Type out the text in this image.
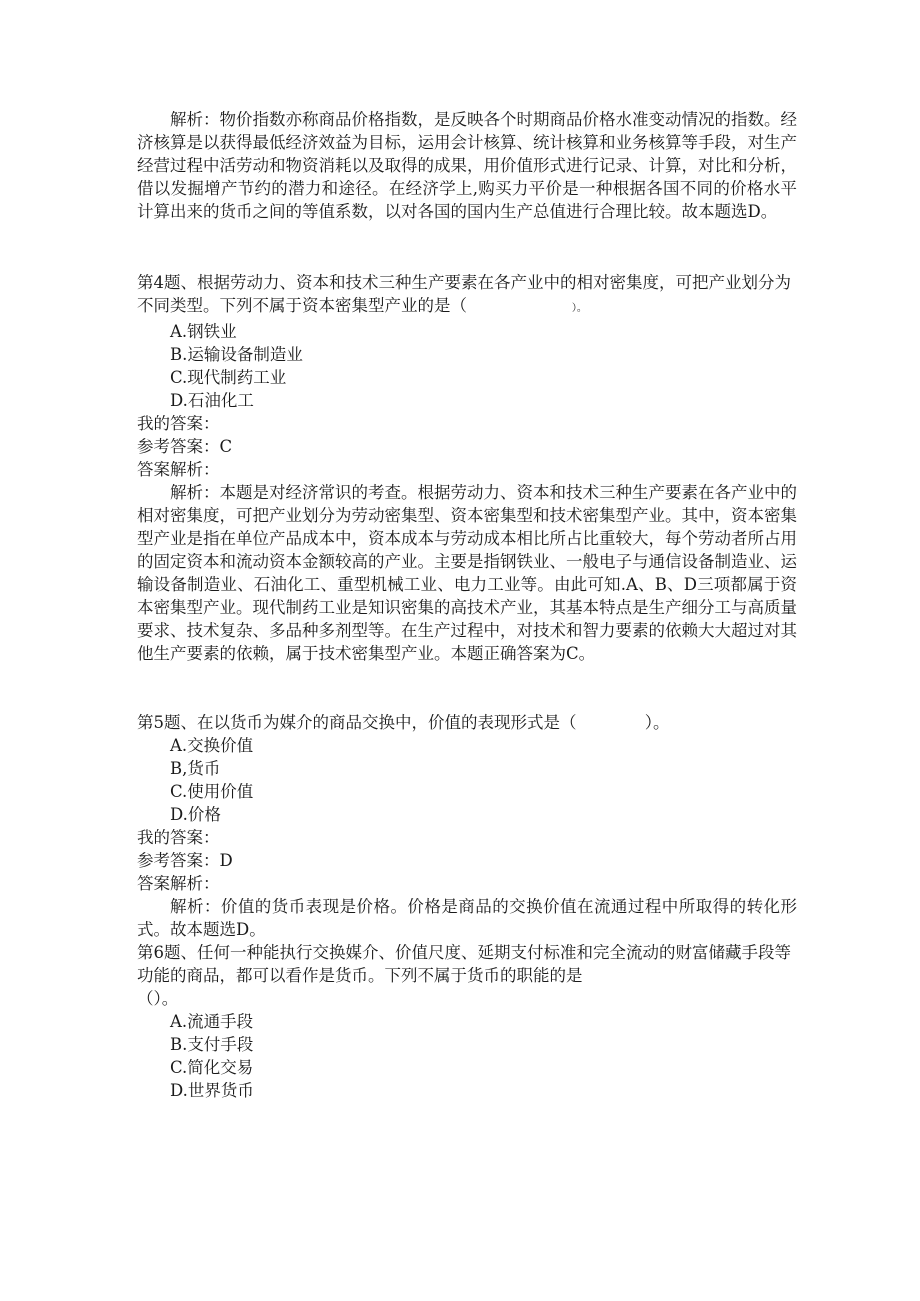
解析：物价指数亦称商品价格指数，是反映各个时期商品价格水准变动情况的指数。经济核算是以获得最低经济效益为目标，运用会计核算、统计核算和业务核算等手段，对生产经营过程中活劳动和物资消耗以及取得的成果，用价值形式进行记录、计算，对比和分析，借以发掘增产节约的潜力和途径。在经济学上,购买力平价是一种根据各国不同的价格水平计算出来的货币之间的等值系数，以对各国的国内生产总值进行合理比较。故本题选D。

第4题、根据劳动力、资本和技术三种生产要素在各产业中的相对密集度，可把产业划分为不同类型。下列不属于资本密集型产业的是（	）。

A.钢铁业

B.运输设备制造业

C.现代制药工业

D.石油化工

我的答案：

参考答案：C

答案解析：

解析：本题是对经济常识的考查。根据劳动力、资本和技术三种生产要素在各产业中的相对密集度，可把产业划分为劳动密集型、资本密集型和技术密集型产业。其中，资本密集型产业是指在单位产品成本中，资本成本与劳动成本相比所占比重较大，每个劳动者所占用的固定资本和流动资本金额较高的产业。主要是指钢铁业、一般电子与通信设备制造业、运输设备制造业、石油化工、重型机械工业、电力工业等。由此可知.A、B、D三项都属于资本密集型产业。现代制药工业是知识密集的高技术产业，其基本特点是生产细分工与高质量要求、技术复杂、多品种多剂型等。在生产过程中，对技术和智力要素的依赖大大超过对其他生产要素的依赖，属于技术密集型产业。本题正确答案为C。

第5题、在以货币为媒介的商品交换中，价值的表现形式是（	）。

A.交换价值

B,货币

C.使用价值

D.价格

我的答案：

参考答案：D

答案解析：

解析：价值的货币表现是价格。价格是商品的交换价值在流通过程中所取得的转化形式。故本题选D。

第6题、任何一种能执行交换媒介、价值尺度、延期支付标准和完全流动的财富储藏手段等功能的商品，都可以看作是货币。下列不属于货币的职能的是

（）。

A.流通手段

B.支付手段

C.简化交易

D.世界货币
